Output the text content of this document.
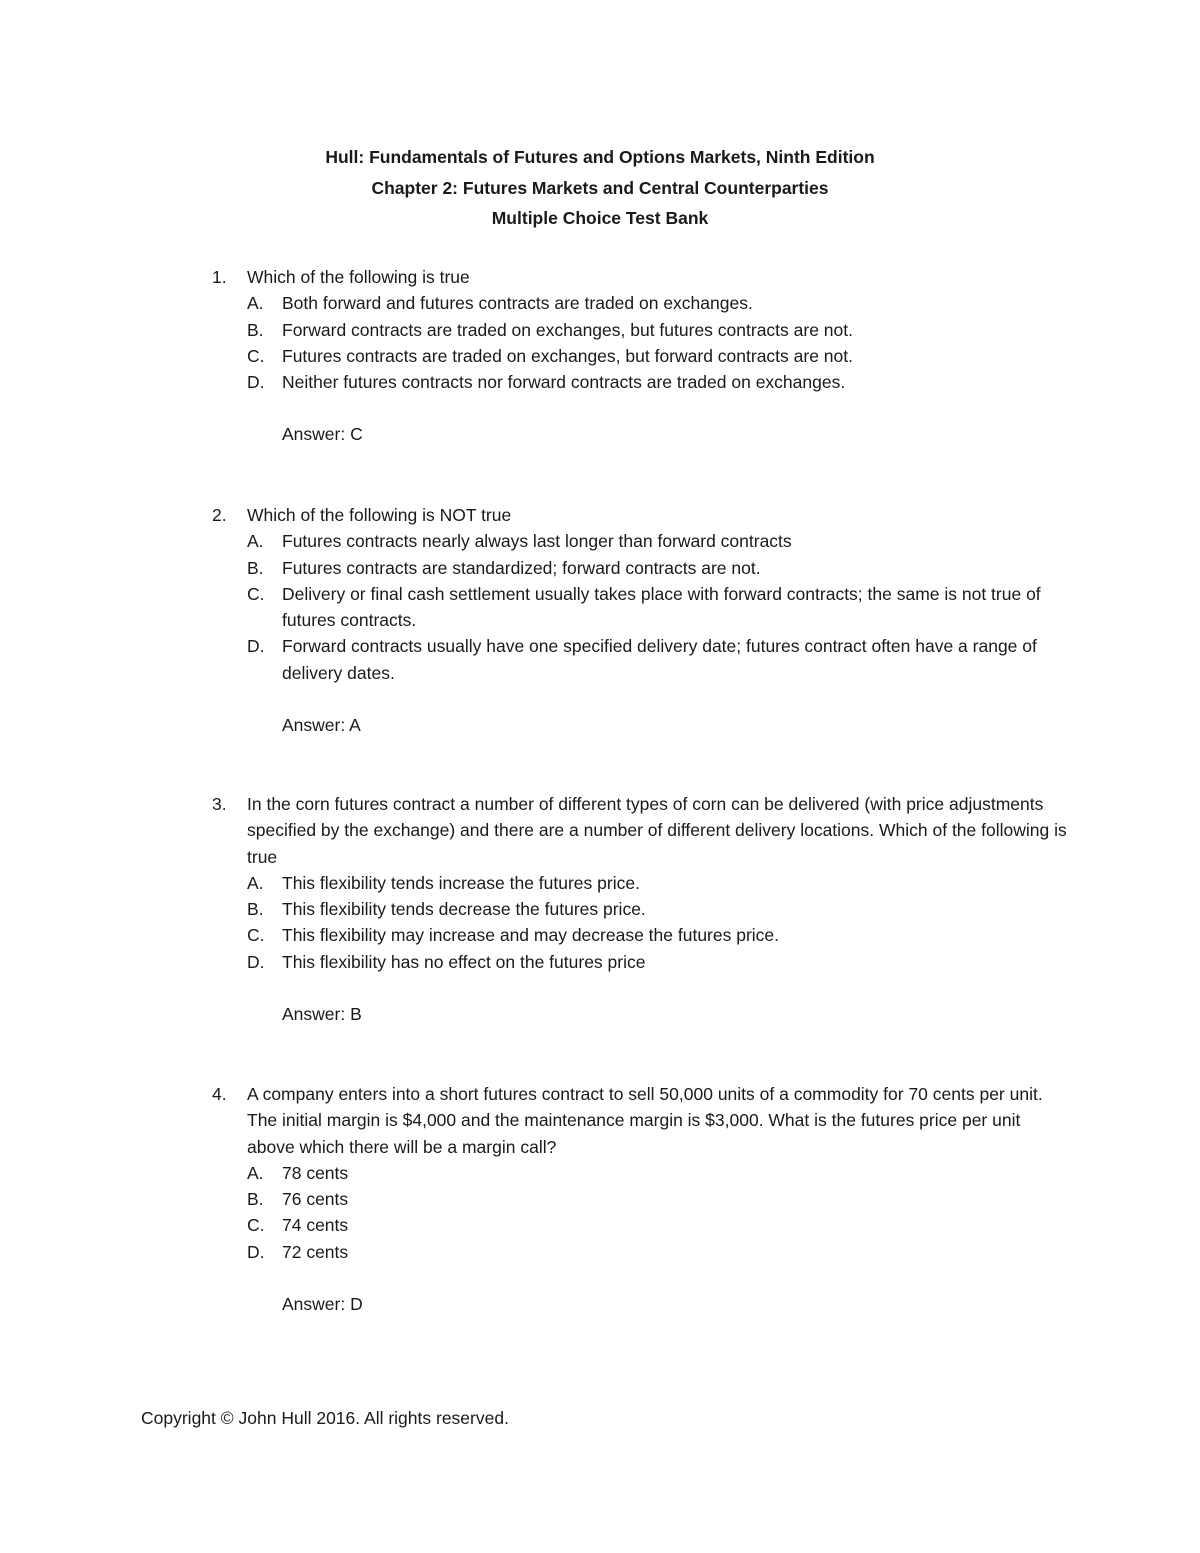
Hull: Fundamentals of Futures and Options Markets, Ninth Edition
Chapter 2: Futures Markets and Central Counterparties
Multiple Choice Test Bank
1. Which of the following is true
A. Both forward and futures contracts are traded on exchanges.
B. Forward contracts are traded on exchanges, but futures contracts are not.
C. Futures contracts are traded on exchanges, but forward contracts are not.
D. Neither futures contracts nor forward contracts are traded on exchanges.
Answer: C
2. Which of the following is NOT true
A. Futures contracts nearly always last longer than forward contracts
B. Futures contracts are standardized; forward contracts are not.
C. Delivery or final cash settlement usually takes place with forward contracts; the same is not true of futures contracts.
D. Forward contracts usually have one specified delivery date; futures contract often have a range of delivery dates.
Answer: A
3. In the corn futures contract a number of different types of corn can be delivered (with price adjustments specified by the exchange) and there are a number of different delivery locations. Which of the following is true
A. This flexibility tends increase the futures price.
B. This flexibility tends decrease the futures price.
C. This flexibility may increase and may decrease the futures price.
D. This flexibility has no effect on the futures price
Answer: B
4. A company enters into a short futures contract to sell 50,000 units of a commodity for 70 cents per unit. The initial margin is $4,000 and the maintenance margin is $3,000. What is the futures price per unit above which there will be a margin call?
A. 78 cents
B. 76 cents
C. 74 cents
D. 72 cents
Answer: D
Copyright © John Hull 2016. All rights reserved.
